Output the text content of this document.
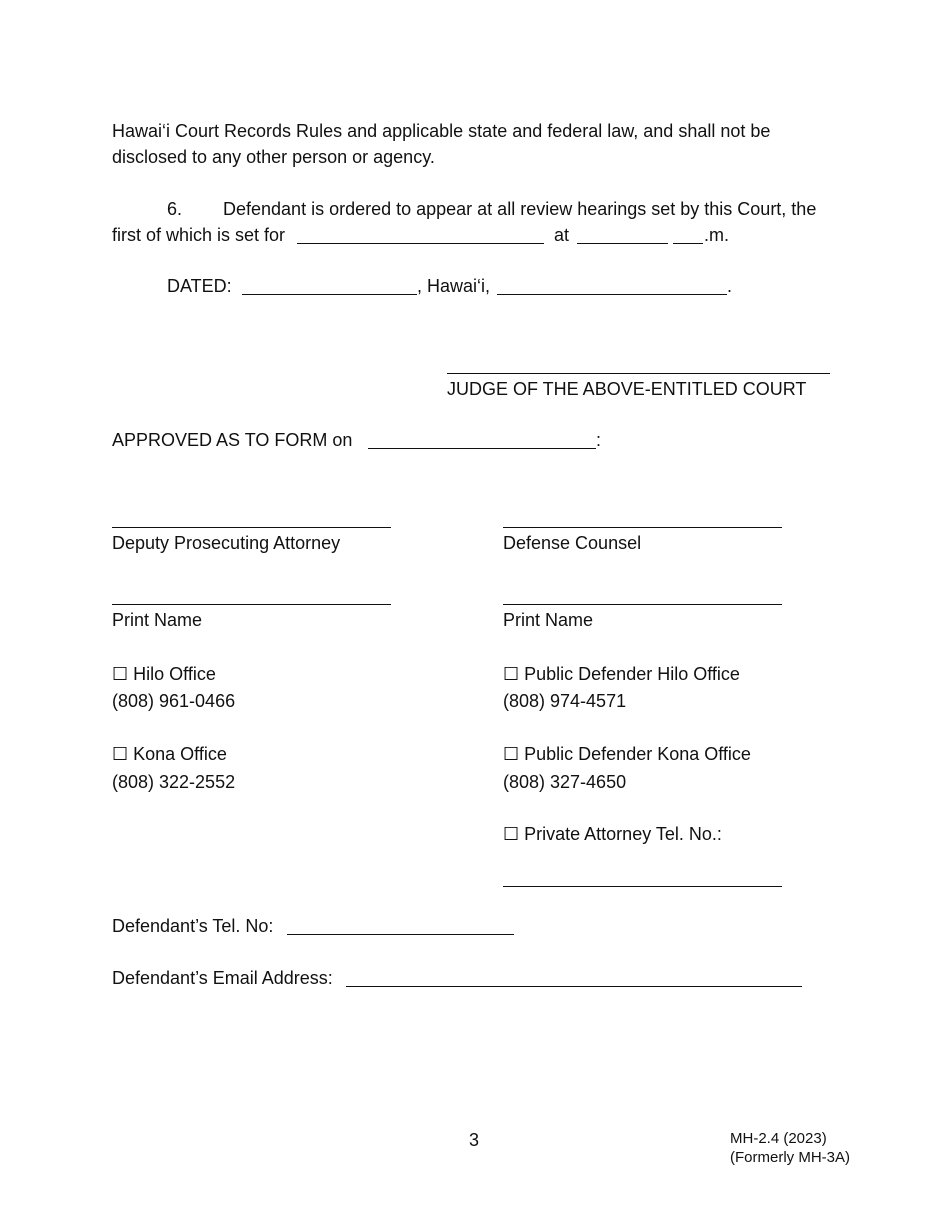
Hawai‘i Court Records Rules and applicable state and federal law, and shall not be
disclosed to any other person or agency.
6. Defendant is ordered to appear at all review hearings set by this Court, the
first of which is set for	at	.m.
DATED:	, Hawai‘i,	.
JUDGE OF THE ABOVE-ENTITLED COURT
APPROVED AS TO FORM on	:
Deputy Prosecuting Attorney
Print Name
☐ Hilo Office
(808) 961-0466
☐ Kona Office
(808) 322-2552
Defense Counsel
Print Name
☐ Public Defender Hilo Office
(808) 974-4571
☐ Public Defender Kona Office
(808) 327-4650
☐ Private Attorney Tel. No.:
Defendant’s Tel. No:
Defendant’s Email Address:
3	MH-2.4 (2023)
(Formerly MH-3A)
